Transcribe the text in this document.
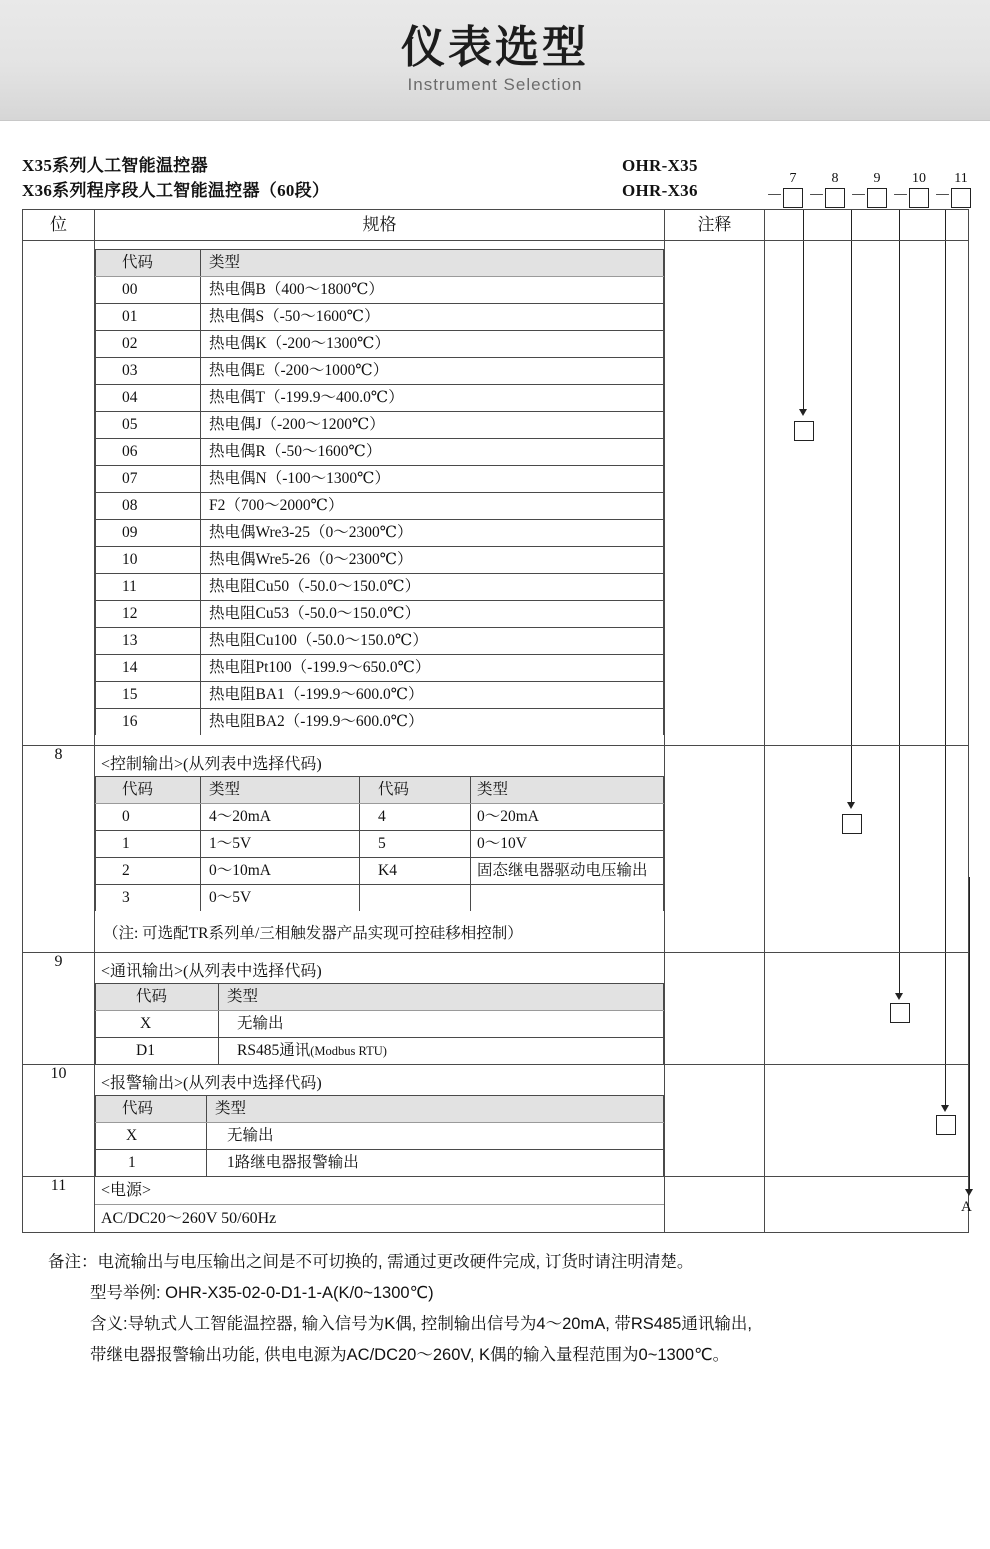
仪表选型
Instrument Selection
X35系列人工智能温控器
X36系列程序段人工智能温控器（60段）
OHR-X35
OHR-X36	－
7
－
8
－
9
－
10
－
11
位	规格	注释	

代码	类型
00	热电偶B（400～1800℃）
01	热电偶S（-50～1600℃）
02	热电偶K（-200～1300℃）
03	热电偶E（-200～1000℃）
04	热电偶T（-199.9～400.0℃）
05	热电偶J（-200～1200℃）
06	热电偶R（-50～1600℃）
07	热电偶N（-100～1300℃）
08	F2（700～2000℃）
09	热电偶Wre3-25（0～2300℃）
10	热电偶Wre5-26（0～2300℃）
11	热电阻Cu50（-50.0～150.0℃）
12	热电阻Cu53（-50.0～150.0℃）
13	热电阻Cu100（-50.0～150.0℃）
14	热电阻Pt100（-199.9～650.0℃）
15	热电阻BA1（-199.9～600.0℃）
16	热电阻BA2（-199.9～600.0℃）

8	
<控制输出>(从列表中选择代码)
代码	类型	代码	类型
0	4～20mA	4	0～20mA
1	1～5V	5	0～10V
2	0～10mA	K4	固态继电器驱动电压输出
3	0～5V		
（注: 可选配TR系列单/三相触发器产品实现可控硅移相控制）

9	
<通讯输出>(从列表中选择代码)
代码	类型
X	无输出
D1	RS485通讯(Modbus RTU)

10	
<报警输出>(从列表中选择代码)
代码	类型
X	无输出
1	1路继电器报警输出

11	<电源>
AC/DC20～260V 50/60Hz

A
备注：电流输出与电压输出之间是不可切换的, 需通过更改硬件完成, 订货时请注明清楚。
型号举例: OHR-X35-02-0-D1-1-A(K/0~1300℃)
含义:导轨式人工智能温控器, 输入信号为K偶, 控制输出信号为4～20mA, 带RS485通讯输出,
带继电器报警输出功能, 供电电源为AC/DC20～260V, K偶的输入量程范围为0~1300℃。
